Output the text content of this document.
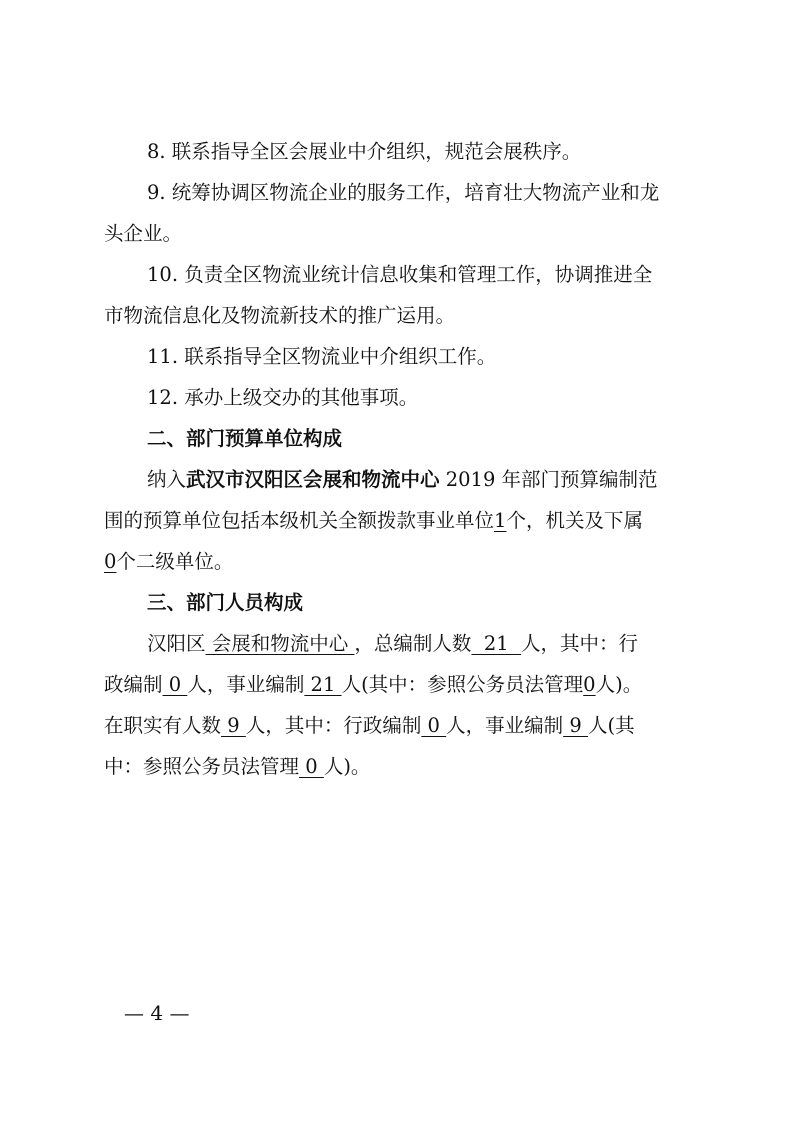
8. 联系指导全区会展业中介组织，规范会展秩序。
9. 统筹协调区物流企业的服务工作，培育壮大物流产业和龙
头企业。
10. 负责全区物流业统计信息收集和管理工作，协调推进全
市物流信息化及物流新技术的推广运用。
11. 联系指导全区物流业中介组织工作。
12. 承办上级交办的其他事项。
二、部门预算单位构成
纳入武汉市汉阳区会展和物流中心 2019 年部门预算编制范
围的预算单位包括本级机关全额拨款事业单位1个，机关及下属
0个二级单位。
三、部门人员构成
汉阳区 会展和物流中心 ，总编制人数  21  人，其中：行
政编制 0 人，事业编制 21 人(其中：参照公务员法管理0人)。
在职实有人数 9 人，其中：行政编制 0 人，事业编制 9 人(其
中：参照公务员法管理 0 人)。
— 4 —
